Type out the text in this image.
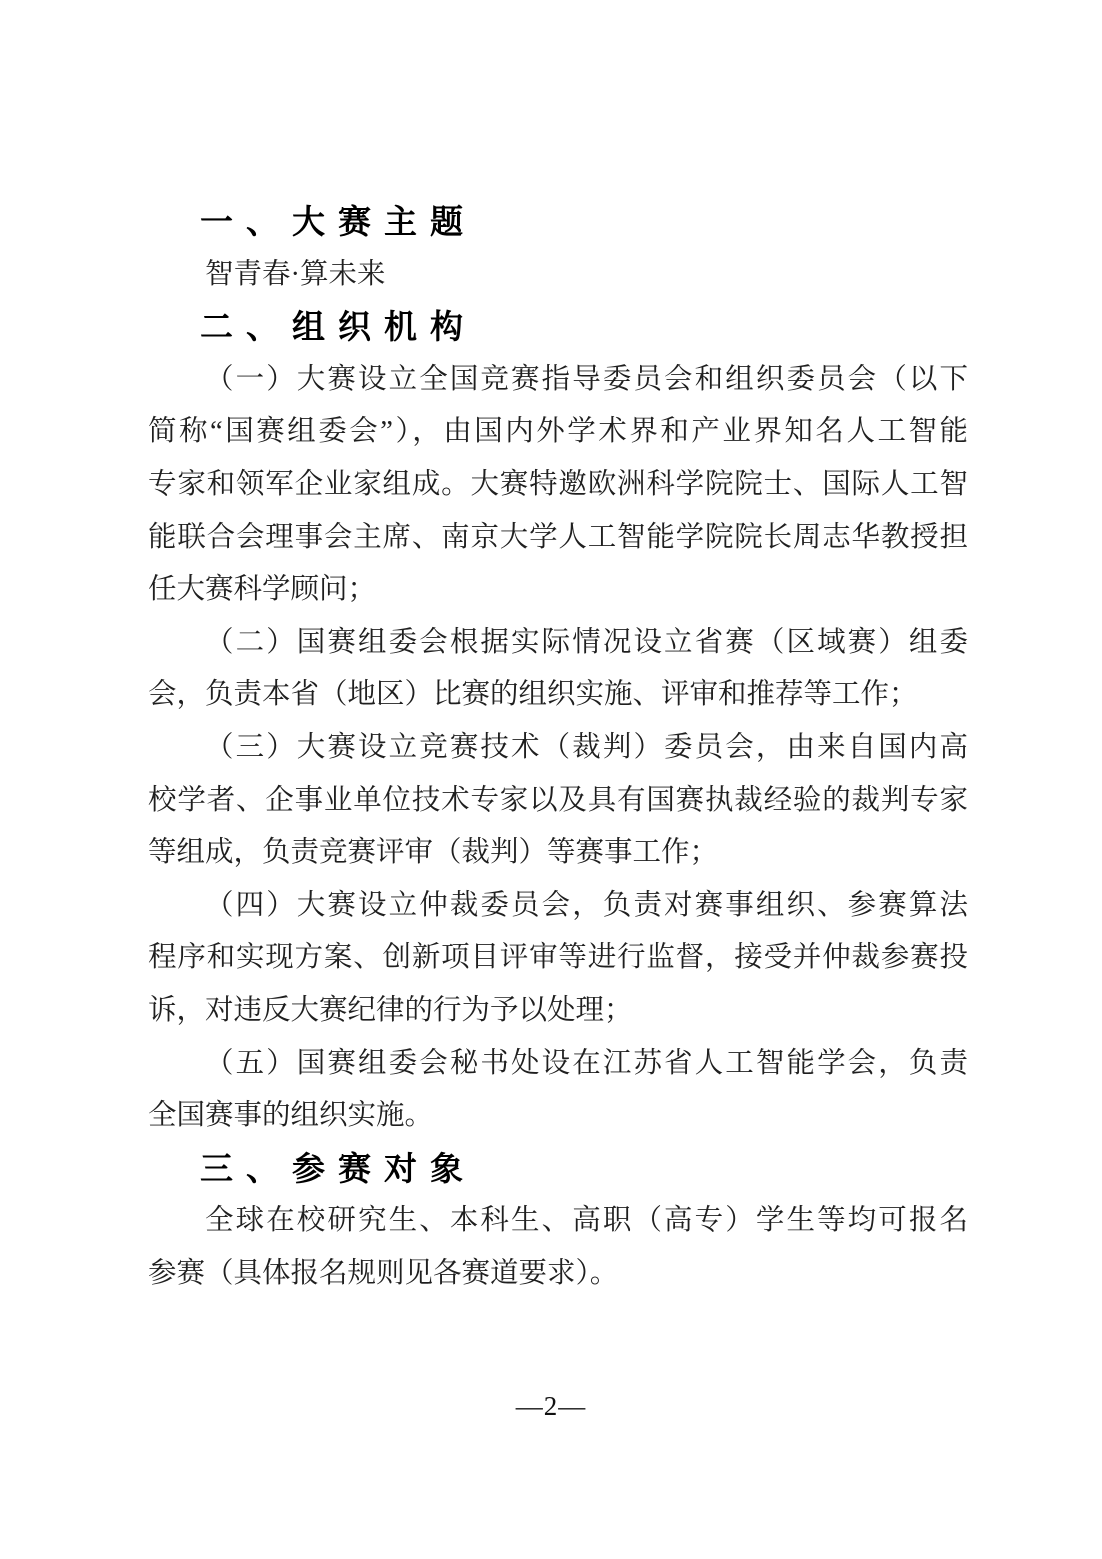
一、大赛主题
智青春·算未来
二、组织机构
（一）大赛设立全国竞赛指导委员会和组织委员会（以下
简称“国赛组委会”），由国内外学术界和产业界知名人工智能
专家和领军企业家组成。大赛特邀欧洲科学院院士、国际人工智
能联合会理事会主席、南京大学人工智能学院院长周志华教授担
任大赛科学顾问；
（二）国赛组委会根据实际情况设立省赛（区域赛）组委
会，负责本省（地区）比赛的组织实施、评审和推荐等工作；
（三）大赛设立竞赛技术（裁判）委员会，由来自国内高
校学者、企事业单位技术专家以及具有国赛执裁经验的裁判专家
等组成，负责竞赛评审（裁判）等赛事工作；
（四）大赛设立仲裁委员会，负责对赛事组织、参赛算法
程序和实现方案、创新项目评审等进行监督，接受并仲裁参赛投
诉，对违反大赛纪律的行为予以处理；
（五）国赛组委会秘书处设在江苏省人工智能学会，负责
全国赛事的组织实施。
三、参赛对象
全球在校研究生、本科生、高职（高专）学生等均可报名
参赛（具体报名规则见各赛道要求）。
—2—
